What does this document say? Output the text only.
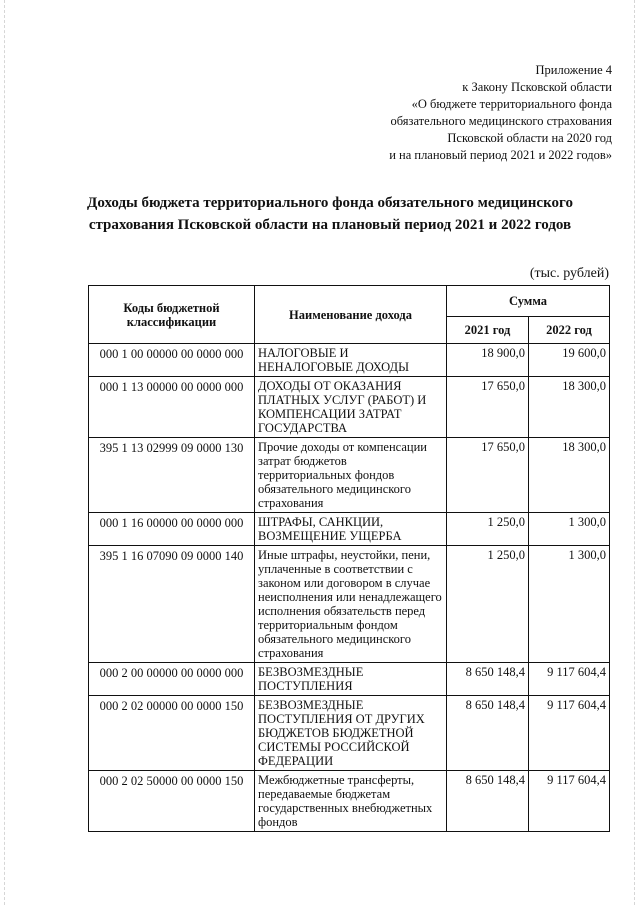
Приложение 4
к Закону Псковской области
«О бюджете территориального фонда
обязательного медицинского страхования
Псковской области на 2020 год
и на плановый период 2021 и 2022 годов»
Доходы бюджета территориального фонда обязательного медицинского
страхования Псковской области на плановый период 2021 и 2022 годов
(тыс. рублей)
Коды бюджетной классификации	Наименование дохода	Сумма	
		2021 год	2022 год
000 1 00 00000 00 0000 000	НАЛОГОВЫЕ И НЕНАЛОГОВЫЕ ДОХОДЫ	18 900,0	19 600,0
000 1 13 00000 00 0000 000	ДОХОДЫ ОТ ОКАЗАНИЯ ПЛАТНЫХ УСЛУГ (РАБОТ) И КОМПЕНСАЦИИ ЗАТРАТ ГОСУДАРСТВА	17 650,0	18 300,0
395 1 13 02999 09 0000 130	Прочие доходы от компенсации затрат бюджетов территориальных фондов обязательного медицинского страхования	17 650,0	18 300,0
000 1 16 00000 00 0000 000	ШТРАФЫ, САНКЦИИ, ВОЗМЕЩЕНИЕ УЩЕРБА	1 250,0	1 300,0
395 1 16 07090 09 0000 140	Иные штрафы, неустойки, пени, уплаченные в соответствии с законом или договором в случае неисполнения или ненадлежащего исполнения обязательств перед территориальным фондом обязательного медицинского страхования	1 250,0	1 300,0
000 2 00 00000 00 0000 000	БЕЗВОЗМЕЗДНЫЕ ПОСТУПЛЕНИЯ	8 650 148,4	9 117 604,4
000 2 02 00000 00 0000 150	БЕЗВОЗМЕЗДНЫЕ ПОСТУПЛЕНИЯ ОТ ДРУГИХ БЮДЖЕТОВ БЮДЖЕТНОЙ СИСТЕМЫ РОССИЙСКОЙ ФЕДЕРАЦИИ	8 650 148,4	9 117 604,4
000 2 02 50000 00 0000 150	Межбюджетные трансферты, передаваемые бюджетам государственных внебюджетных фондов	8 650 148,4	9 117 604,4
